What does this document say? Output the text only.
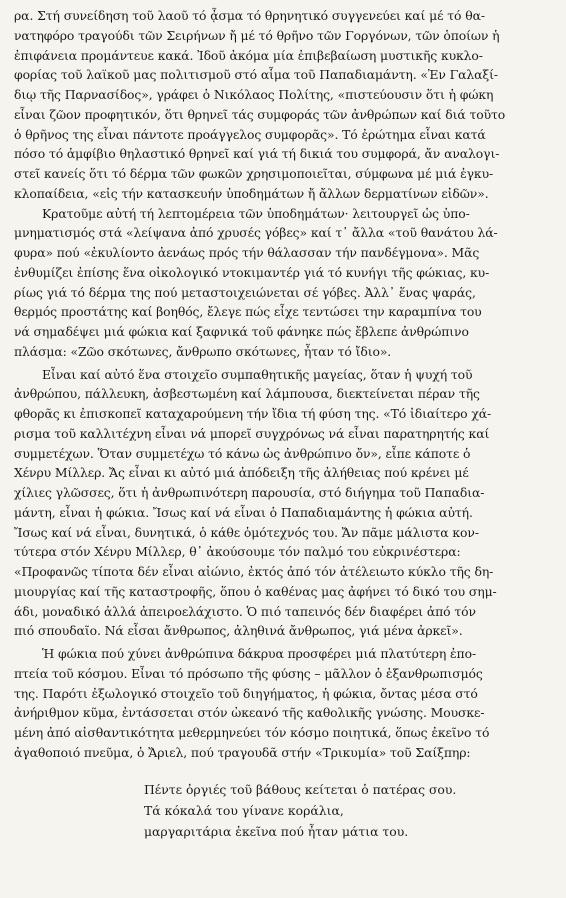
ρα. Στή συνείδηση τοῦ λαοῦ τό ᾆσμα τό θρηνητικό συγγενεύει καί μέ τό θα-
νατηφόρο τραγούδι τῶν Σειρήνων ἤ μέ τό θρῆνο τῶν Γοργόνων, τῶν ὁποίων ἡ
ἐπιφάνεια προμάντευε κακά. Ἰδοῦ ἀκόμα μία ἐπιβεβαίωση μυστικῆς κυκλο-
φορίας τοῦ λαϊκοῦ μας πολιτισμοῦ στό αἷμα τοῦ Παπαδιαμάντη. «Ἐν Γαλαξί-
διῳ τῆς Παρνασίδος», γράφει ὁ Νικόλαος Πολίτης, «πιστεύουσιν ὅτι ἡ φώκη
εἶναι ζῶον προφητικόν, ὅτι θρηνεῖ τάς συμφοράς τῶν ἀνθρώπων καί διά τοῦτο
ὁ θρῆνος της εἶναι πάντοτε προάγγελος συμφορᾶς». Τό ἐρώτημα εἶναι κατά
πόσο τό ἀμφίβιο θηλαστικό θρηνεῖ καί γιά τή δικιά του συμφορά, ἄν αναλογι-
στεῖ κανείς ὅτι τό δέρμα τῶν φωκῶν χρησιμοποιεῖται, σύμφωνα μέ μιά ἐγκυ-
κλοπαίδεια, «εἰς τήν κατασκευήν ὑποδημάτων ἤ ἄλλων δερματίνων εἰδῶν».

Κρατοῦμε αὐτή τή λεπτομέρεια τῶν ὑποδημάτων· λειτουργεῖ ὡς ὑπο-
μνηματισμός στά «λείψανα ἀπό χρυσές γόβες» καί τ᾽ ἄλλα «τοῦ θανάτου λά-
φυρα» πού «ἐκυλίοντο ἀενάως πρός τήν θάλασσαν τήν πανδέγμονα». Μᾶς
ἐνθυμίζει ἐπίσης ἕνα οἰκολογικό ντοκιμαντέρ γιά τό κυνήγι τῆς φώκιας, κυ-
ρίως γιά τό δέρμα της πού μεταστοιχειώνεται σέ γόβες. Ἀλλ᾽ ἕνας ψαράς,
θερμός προστάτης καί βοηθός, ἔλεγε πώς εἶχε τεντώσει την καραμπίνα του
νά σημαδέψει μιά φώκια καί ξαφνικά τοῦ φάνηκε πώς ἔβλεπε ἀνθρώπινο
πλάσμα: «Ζῶο σκότωνες, ἄνθρωπο σκότωνες, ἦταν τό ἴδιο».

Εἶναι καί αὐτό ἕνα στοιχεῖο συμπαθητικῆς μαγείας, ὅταν ἡ ψυχή τοῦ
ἀνθρώπου, πάλλευκη, ἀσβεστωμένη καί λάμπουσα, διεκτείνεται πέραν τῆς
φθορᾶς κι ἐπισκοπεῖ καταχαρούμενη τήν ἴδια τή φύση της. «Τό ἰδιαίτερο χά-
ρισμα τοῦ καλλιτέχνη εἶναι νά μπορεῖ συγχρόνως νά εἶναι παρατηρητής καί
συμμετέχων. Ὅταν συμμετέχω τό κάνω ὡς ἀνθρώπινο ὄν», εἶπε κάποτε ὁ
Χένρυ Μίλλερ. Ἄς εἶναι κι αὐτό μιά ἀπόδειξη τῆς ἀλήθειας πού κρένει μέ
χίλιες γλῶσσες, ὅτι ἡ ἀνθρωπινότερη παρουσία, στό διήγημα τοῦ Παπαδια-
μάντη, εἶναι ἡ φώκια. Ἴσως καί νά εἶναι ὁ Παπαδιαμάντης ἡ φώκια αὐτή.
Ἴσως καί νά εἶναι, δυνητικά, ὁ κάθε ὁμότεχνός του. Ἄν πᾶμε μάλιστα κον-
τύτερα στόν Χένρυ Μίλλερ, θ᾽ ἀκούσουμε τόν παλμό του εὐκρινέστερα:
«Προφανῶς τίποτα δέν εἶναι αἰώνιο, ἐκτός ἀπό τόν ἀτέλειωτο κύκλο τῆς δη-
μιουργίας καί τῆς καταστροφῆς, ὅπου ὁ καθένας μας ἀφήνει τό δικό του σημ-
άδι, μοναδικό ἀλλά ἀπειροελάχιστο. Ὁ πιό ταπεινός δέν διαφέρει ἀπό τόν
πιό σπουδαῖο. Νά εἶσαι ἄνθρωπος, ἀληθινά ἄνθρωπος, γιά μένα ἀρκεῖ».

Ἡ φώκια πού χύνει ἀνθρώπινα δάκρυα προσφέρει μιά πλατύτερη ἐπο-
πτεία τοῦ κόσμου. Εἶναι τό πρόσωπο τῆς φύσης – μᾶλλον ὁ ἐξανθρωπισμός
της. Παρότι ἐξωλογικό στοιχεῖο τοῦ διηγήματος, ἡ φώκια, ὄντας μέσα στό
ἀνήριθμον κῦμα, ἐντάσσεται στόν ὠκεανό τῆς καθολικῆς γνώσης. Μουσκε-
μένη ἀπό αἰσθαντικότητα μεθερμηνεύει τόν κόσμο ποιητικά, ὅπως ἐκεῖνο τό
ἀγαθοποιό πνεῦμα, ὁ Ἄριελ, πού τραγουδᾶ στήν «Τρικυμία» τοῦ Σαίξπηρ:

Πέντε ὀργιές τοῦ βάθους κείτεται ὁ πατέρας σου.
Τά κόκαλά του γίνανε κοράλια,
μαργαριτάρια ἐκεῖνα πού ἦταν μάτια του.
